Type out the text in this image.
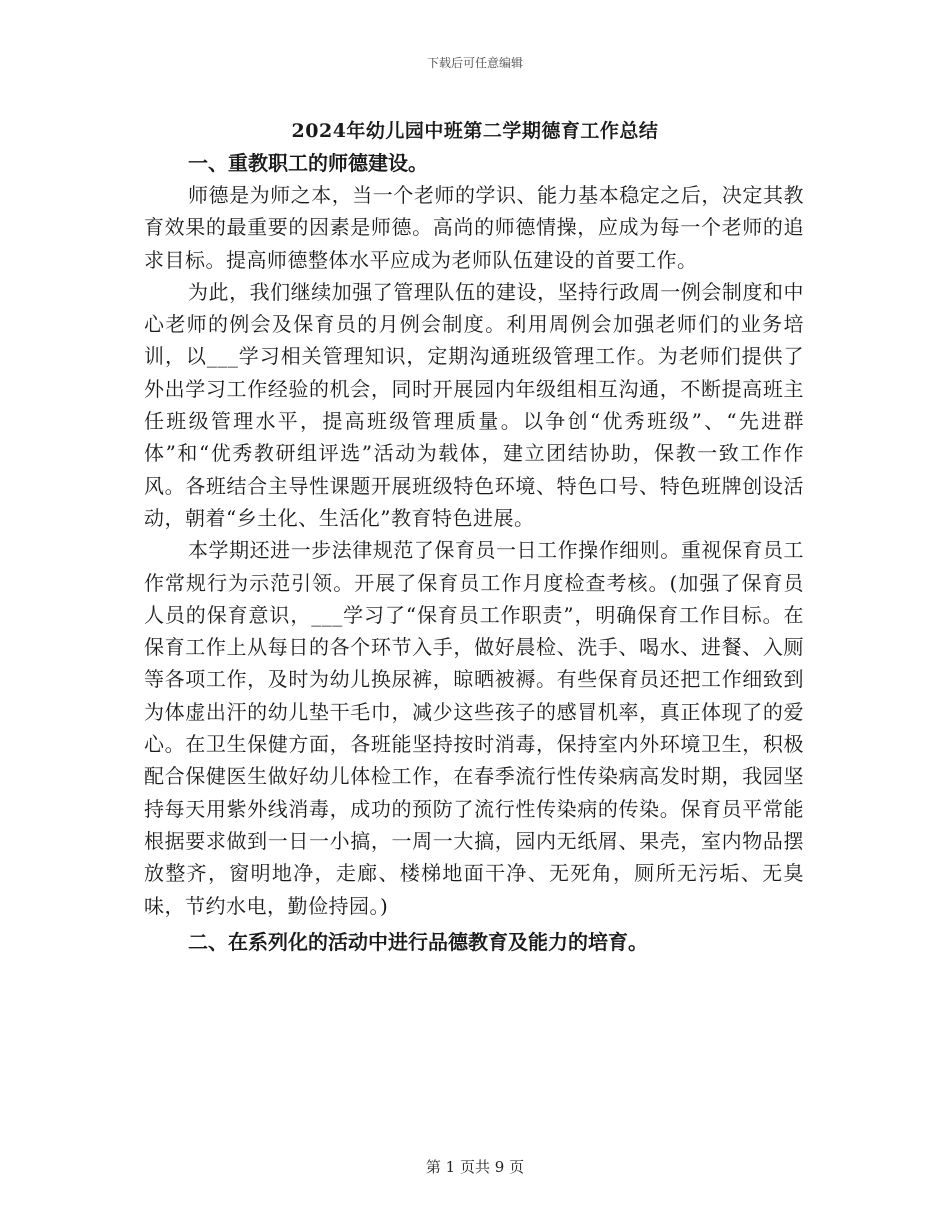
下载后可任意编辑
2024年幼儿园中班第二学期德育工作总结

一、重教职工的师德建设。

师德是为师之本，当一个老师的学识、能力基本稳定之后，决定其教育效果的最重要的因素是师德。高尚的师德情操，应成为每一个老师的追求目标。提高师德整体水平应成为老师队伍建设的首要工作。

为此，我们继续加强了管理队伍的建设，坚持行政周一例会制度和中心老师的例会及保育员的月例会制度。利用周例会加强老师们的业务培训，以___学习相关管理知识，定期沟通班级管理工作。为老师们提供了外出学习工作经验的机会，同时开展园内年级组相互沟通，不断提高班主任班级管理水平，提高班级管理质量。以争创“优秀班级”、“先进群体”和“优秀教研组评选”活动为载体，建立团结协助，保教一致工作作风。各班结合主导性课题开展班级特色环境、特色口号、特色班牌创设活动，朝着“乡土化、生活化”教育特色进展。

本学期还进一步法律规范了保育员一日工作操作细则。重视保育员工作常规行为示范引领。开展了保育员工作月度检查考核。(加强了保育员人员的保育意识，___学习了“保育员工作职责”，明确保育工作目标。在保育工作上从每日的各个环节入手，做好晨检、洗手、喝水、进餐、入厕等各项工作，及时为幼儿换尿裤，晾晒被褥。有些保育员还把工作细致到为体虚出汗的幼儿垫干毛巾，减少这些孩子的感冒机率，真正体现了的爱心。在卫生保健方面，各班能坚持按时消毒，保持室内外环境卫生，积极配合保健医生做好幼儿体检工作，在春季流行性传染病高发时期，我园坚持每天用紫外线消毒，成功的预防了流行性传染病的传染。保育员平常能根据要求做到一日一小搞，一周一大搞，园内无纸屑、果壳，室内物品摆放整齐，窗明地净，走廊、楼梯地面干净、无死角，厕所无污垢、无臭味，节约水电，勤俭持园。)

二、在系列化的活动中进行品德教育及能力的培育。

第 1 页共 9 页
